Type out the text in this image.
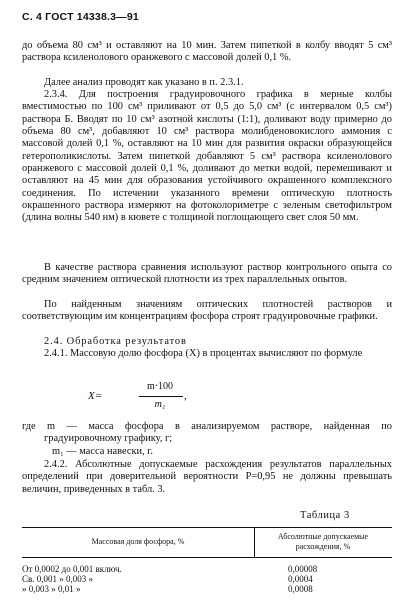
С. 4 ГОСТ 14338.3—91

до объема 80 см³ и оставляют на 10 мин. Затем пипеткой в колбу вводят 5 см³ раствора ксиленолового оранжевого с массовой долей 0,1 %.

Далее анализ проводят как указано в п. 2.3.1.

2.3.4. Для построения градуировочного графика в мерные колбы вместимостью по 100 см³ приливают от 0,5 до 5,0 см³ (с интервалом 0,5 см³) раствора Б. Вводят по 10 см³ азотной кислоты (1:1), доливают воду примерно до объема 80 см³, добавляют 10 см³ раствора молибденовокислого аммония с массовой долей 0,1 %, оставляют на 10 мин для развития окраски образующейся гетерополикислоты. Затем пипеткой добавляют 5 см³ раствора ксиленолового оранжевого с массовой долей 0,1 %, доливают до метки водой, перемешивают и оставляют на 45 мин для образования устойчивого окрашенного комплексного соединения. По истечении указанного времени оптическую плотность окрашенного раствора измеряют на фотоколориметре с зеленым светофильтром (длина волны 540 нм) в кювете с толщиной поглощающего свет слоя 50 мм.

В качестве раствора сравнения используют раствор контрольного опыта со средним значением оптической плотности из трех параллельных опытов.

По найденным значениям оптических плотностей растворов и соответствующим им концентрациям фосфора строят градуировочные графики.

2.4. Обработка результатов

2.4.1. Массовую долю фосфора (X) в процентах вычисляют по формуле

X=
m·100
m₁
,

где m — масса фосфора в анализируемом растворе, найденная по градуировочному графику, г;

m₁ — масса навески, г.

2.4.2. Абсолютные допускаемые расхождения результатов параллельных определений при доверительной вероятности P=0,95 не должны превышать величин, приведенных в табл. 3.

Таблица 3
Массовая доля фосфора, %
Абсолютные допускаемые
расхождения, %
От 0,0002 до 0,001 включ.	0,00008
Св. 0,001 » 0,003 »	0,0004
» 0,003 » 0,01 »	0,0008
